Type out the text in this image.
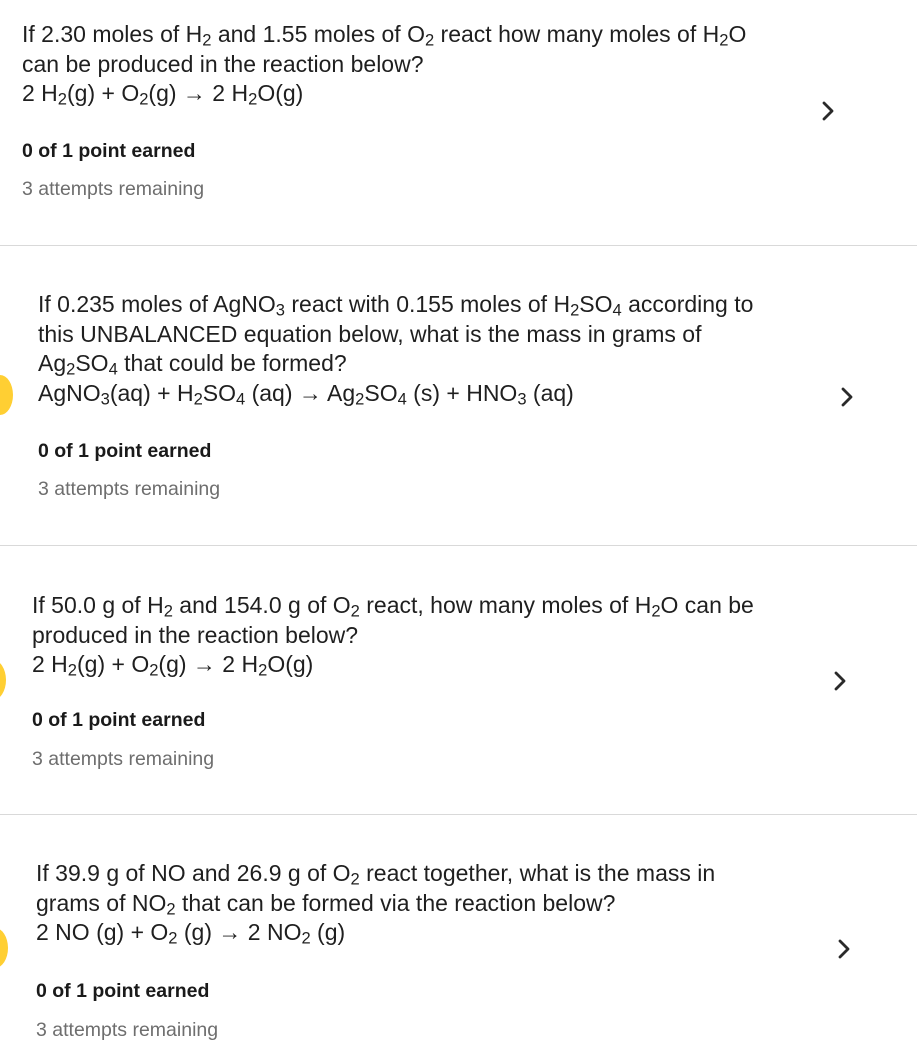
If 2.30 moles of $H_2$ and 1.55 moles of $O_2$ react how many moles of $H_2O$

can be produced in the reaction below?

2 $H_2(g) + O_2(g) \to 2$ $H_2O(g)$

0 of 1 point earned
3 attempts remaining

If 0.235 moles of AgNO$_3$ react with 0.155 moles of $H_2SO_4$ according to

this UNBALANCED equation below, what is the mass in grams of

$Ag_2SO_4$ that could be formed?

AgNO$_3$(aq) + $H_2SO_4$ $(aq) \to Ag_2SO_4$ $(s) + HNO_3$ (aq)

0 of 1 point earned
3 attempts remaining

If 50.0 g of $H_2$ and 154.0 g of $O_2$ react, how many moles of $H_2O$ can be

produced in the reaction below?

2 $H_2(g) + O_2(g) \to 2$ $H_2O(g)$

0 of 1 point earned
3 attempts remaining

If 39.9 g of NO and 26.9 g of $O_2$ react together, what is the mass in

grams of $NO_2$ that can be formed via the reaction below?

2 NO $(g) + O_2$ (g) → 2 $NO_2$ (g)

0 of 1 point earned
3 attempts remaining
